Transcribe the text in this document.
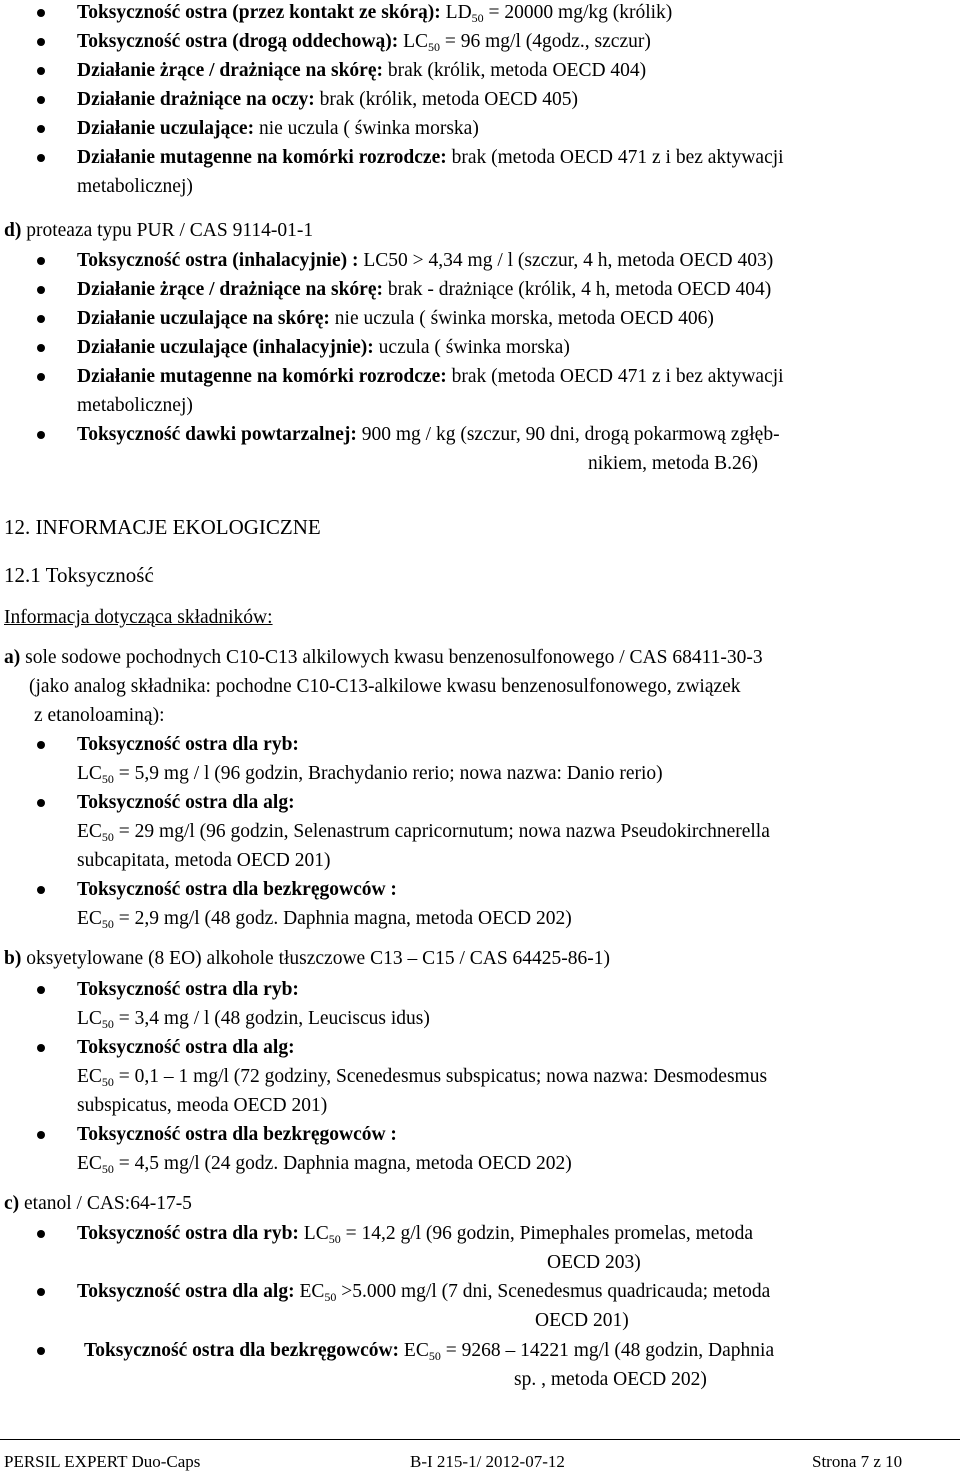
Toksyczność ostra (przez kontakt ze skórą): $LD_{50} = 20000$ mg/kg (królik)
Toksyczność ostra (drogą oddechową): $LC_{50} = 96$ mg/l (4godz., szczur)
Działanie żrące / drażniące na skórę: brak (królik, metoda OECD 404)
Działanie drażniące na oczy: brak (królik, metoda OECD 405)
Działanie uczulające: nie uczula ( świnka morska)
Działanie mutagenne na komórki rozrodcze: brak (metoda OECD 471 z i bez aktywacji
metabolicznej)
d) proteaza typu PUR / CAS 9114-01-1
Toksyczność ostra (inhalacyjnie) : LC50 > 4,34 mg / l (szczur, 4 h, metoda OECD 403)
Działanie żrące / drażniące na skórę: brak - drażniące (królik, 4 h, metoda OECD 404)
Działanie uczulające na skórę: nie uczula ( świnka morska, metoda OECD 406)
Działanie uczulające (inhalacyjnie): uczula ( świnka morska)
Działanie mutagenne na komórki rozrodcze: brak (metoda OECD 471 z i bez aktywacji
metabolicznej)
Toksyczność dawki powtarzalnej: 900 mg / kg (szczur, 90 dni, drogą pokarmową zgłęb-
nikiem, metoda B.26)
12. INFORMACJE EKOLOGICZNE
12.1 Toksyczność
Informacja dotycząca składników:
a) sole sodowe pochodnych C10-C13 alkilowych kwasu benzenosulfonowego / CAS 68411-30-3
(jako analog składnika: pochodne C10-C13-alkilowe kwasu benzenosulfonowego, związek
z etanoloaminą):
Toksyczność ostra dla ryb:
$LC_{50} = 5,9$ mg / l (96 godzin, Brachydanio rerio; nowa nazwa: Danio rerio)
Toksyczność ostra dla alg:
$EC_{50} = 29$ mg/l (96 godzin, Selenastrum capricornutum; nowa nazwa Pseudokirchnerella
subcapitata, metoda OECD 201)
Toksyczność ostra dla bezkręgowców :
$EC_{50} = 2,9$ mg/l (48 godz. Daphnia magna, metoda OECD 202)
b) oksyetylowane (8 EO) alkohole tłuszczowe C13 – C15 / CAS 64425-86-1)
Toksyczność ostra dla ryb:
$LC_{50} = 3,4$ mg / l (48 godzin, Leuciscus idus)
Toksyczność ostra dla alg:
$EC_{50} = 0,1 - 1$ mg/l (72 godziny, Scenedesmus subspicatus; nowa nazwa: Desmodesmus
subspicatus, meoda OECD 201)
Toksyczność ostra dla bezkręgowców :
$EC_{50} = 4,5$ mg/l (24 godz. Daphnia magna, metoda OECD 202)
c) etanol / CAS:64-17-5
Toksyczność ostra dla ryb: $LC_{50} = 14,2$ g/l (96 godzin, Pimephales promelas, metoda
OECD 203)
Toksyczność ostra dla alg: $EC_{50} >5.000$ mg/l (7 dni, Scenedesmus quadricauda; metoda
OECD 201)
Toksyczność ostra dla bezkręgowców: $EC_{50} = 9268 - 14221$ mg/l (48 godzin, Daphnia
sp. , metoda OECD 202)
PERSIL EXPERT Duo-Caps	B-I 215-1/ 2012-07-12	Strona 7 z 10
